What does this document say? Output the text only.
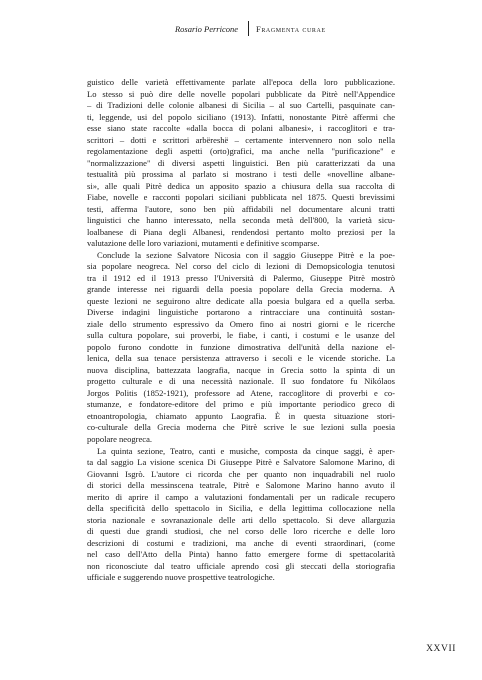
Rosario Perricone Fragmenta curae
guistico delle varietà effettivamente parlate all'epoca della loro pubblicazione.
Lo stesso si può dire delle novelle popolari pubblicate da Pitrè nell'Appendice
– di Tradizioni delle colonie albanesi di Sicilia – al suo Cartelli, pasquinate can-
ti, leggende, usi del popolo siciliano (1913). Infatti, nonostante Pitrè affermi che
esse siano state raccolte «dalla bocca di polani albanesi», i raccoglitori e tra-
scrittori – dotti e scrittori arbëreshë – certamente intervennero non solo nella
regolamentazione degli aspetti (orto)grafici, ma anche nella "purificazione" e
"normalizzazione" di diversi aspetti linguistici. Ben più caratterizzati da una
testualità più prossima al parlato si mostrano i testi delle «novelline albane-
si», alle quali Pitrè dedica un apposito spazio a chiusura della sua raccolta di
Fiabe, novelle e racconti popolari siciliani pubblicata nel 1875. Questi brevissimi
testi, afferma l'autore, sono ben più affidabili nel documentare alcuni tratti
linguistici che hanno interessato, nella seconda metà dell'800, la varietà sicu-
loalbanese di Piana degli Albanesi, rendendosi pertanto molto preziosi per la
valutazione delle loro variazioni, mutamenti e definitive scomparse.
Conclude la sezione Salvatore Nicosia con il saggio Giuseppe Pitrè e la poe-
sia popolare neogreca. Nel corso del ciclo di lezioni di Demopsicologia tenutosi
tra il 1912 ed il 1913 presso l'Università di Palermo, Giuseppe Pitrè mostrò
grande interesse nei riguardi della poesia popolare della Grecia moderna. A
queste lezioni ne seguirono altre dedicate alla poesia bulgara ed a quella serba.
Diverse indagini linguistiche portarono a rintracciare una continuità sostan-
ziale dello strumento espressivo da Omero fino ai nostri giorni e le ricerche
sulla cultura popolare, sui proverbi, le fiabe, i canti, i costumi e le usanze del
popolo furono condotte in funzione dimostrativa dell'unità della nazione el-
lenica, della sua tenace persistenza attraverso i secoli e le vicende storiche. La
nuova disciplina, battezzata laografia, nacque in Grecia sotto la spinta di un
progetto culturale e di una necessità nazionale. Il suo fondatore fu Nikólaos
Jorgos Politis (1852-1921), professore ad Atene, raccoglitore di proverbi e co-
stumanze, e fondatore-editore del primo e più importante periodico greco di
etnoantropologia, chiamato appunto Laografia. È in questa situazione stori-
co-culturale della Grecia moderna che Pitrè scrive le sue lezioni sulla poesia
popolare neogreca.
La quinta sezione, Teatro, canti e musiche, composta da cinque saggi, è aper-
ta dal saggio La visione scenica Di Giuseppe Pitrè e Salvatore Salomone Marino, di
Giovanni Isgrò. L'autore ci ricorda che per quanto non inquadrabili nel ruolo
di storici della messinscena teatrale, Pitrè e Salomone Marino hanno avuto il
merito di aprire il campo a valutazioni fondamentali per un radicale recupero
della specificità dello spettacolo in Sicilia, e della legittima collocazione nella
storia nazionale e sovranazionale delle arti dello spettacolo. Si deve allarguzia
di questi due grandi studiosi, che nel corso delle loro ricerche e delle loro
descrizioni di costumi e tradizioni, ma anche di eventi straordinari, (come
nel caso dell'Atto della Pinta) hanno fatto emergere forme di spettacolarità
non riconosciute dal teatro ufficiale aprendo così gli steccati della storiografia
ufficiale e suggerendo nuove prospettive teatrologiche.
XXVII
